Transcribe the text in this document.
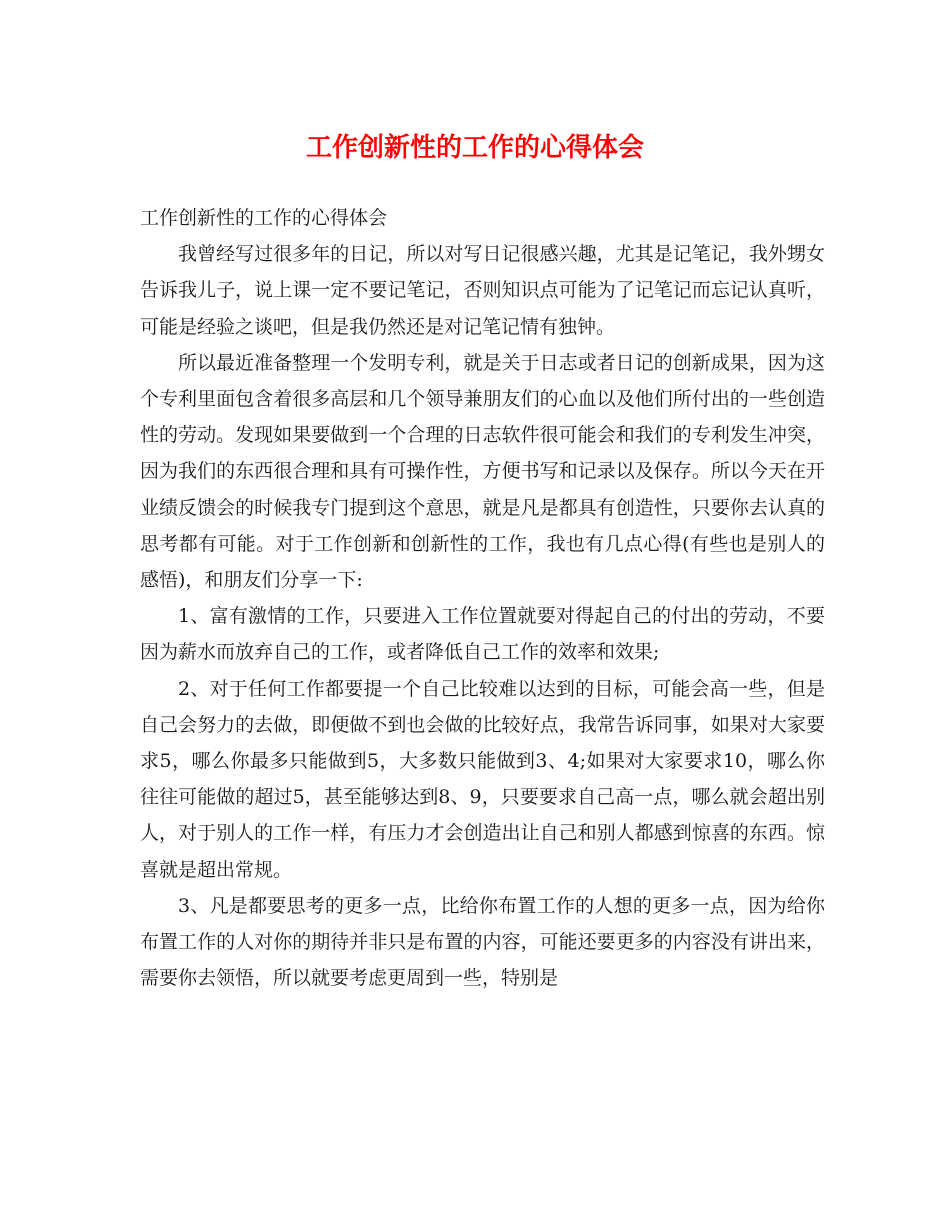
工作创新性的工作的心得体会

工作创新性的工作的心得体会

我曾经写过很多年的日记，所以对写日记很感兴趣，尤其是记笔记，我外甥女告诉我儿子，说上课一定不要记笔记，否则知识点可能为了记笔记而忘记认真听，可能是经验之谈吧，但是我仍然还是对记笔记情有独钟。

所以最近准备整理一个发明专利，就是关于日志或者日记的创新成果，因为这个专利里面包含着很多高层和几个领导兼朋友们的心血以及他们所付出的一些创造性的劳动。发现如果要做到一个合理的日志软件很可能会和我们的专利发生冲突，因为我们的东西很合理和具有可操作性，方便书写和记录以及保存。所以今天在开业绩反馈会的时候我专门提到这个意思，就是凡是都具有创造性，只要你去认真的思考都有可能。对于工作创新和创新性的工作，我也有几点心得(有些也是别人的感悟)，和朋友们分享一下:

1、富有激情的工作，只要进入工作位置就要对得起自己的付出的劳动，不要因为薪水而放弃自己的工作，或者降低自己工作的效率和效果;

2、对于任何工作都要提一个自己比较难以达到的目标，可能会高一些，但是自己会努力的去做，即便做不到也会做的比较好点，我常告诉同事，如果对大家要求5，哪么你最多只能做到5，大多数只能做到3、4;如果对大家要求10，哪么你往往可能做的超过5，甚至能够达到8、9，只要要求自己高一点，哪么就会超出别人，对于别人的工作一样，有压力才会创造出让自己和别人都感到惊喜的东西。惊喜就是超出常规。

3、凡是都要思考的更多一点，比给你布置工作的人想的更多一点，因为给你布置工作的人对你的期待并非只是布置的内容，可能还要更多的内容没有讲出来，需要你去领悟，所以就要考虑更周到一些，特别是
